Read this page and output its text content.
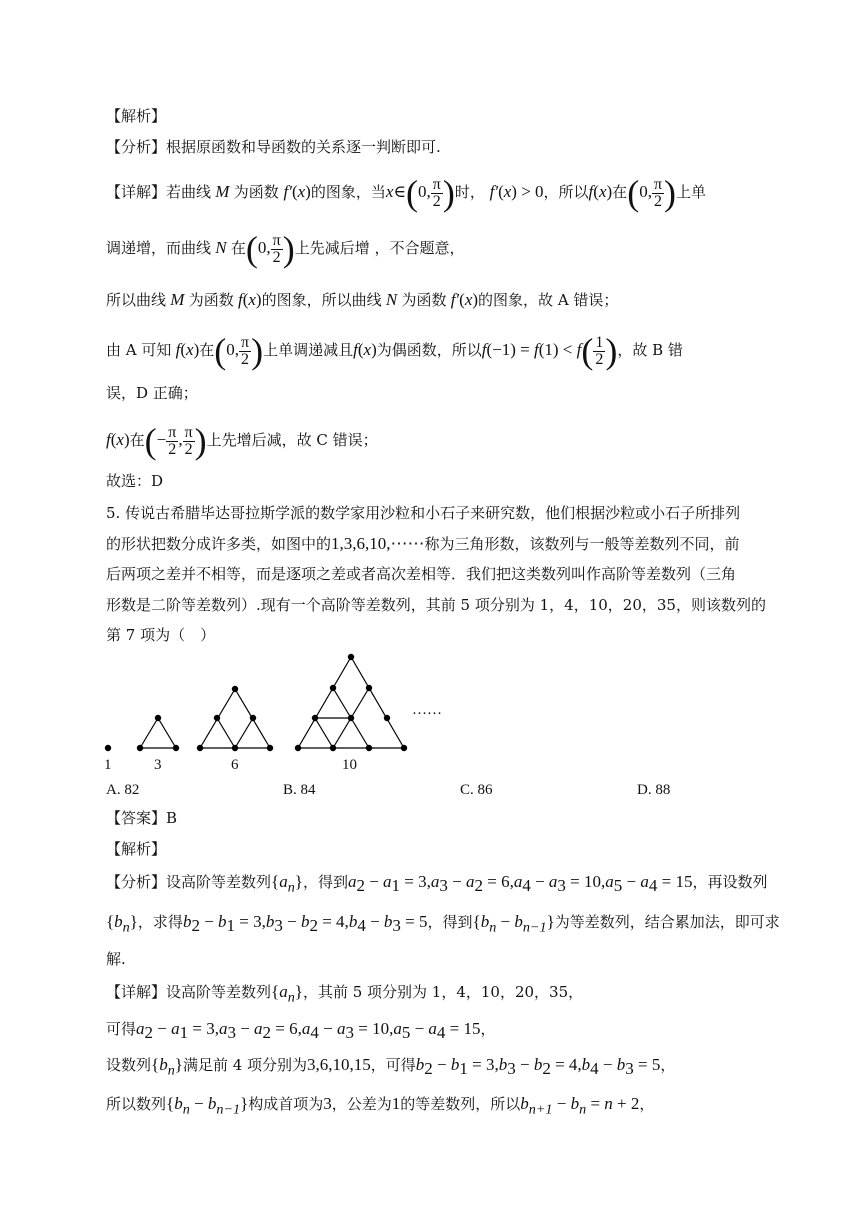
【解析】
【分析】根据原函数和导函数的关系逐一判断即可.
【详解】若曲线 M 为函数 f′(x)的图象，当x∈(0, $\frac{\pi}{2}$ )时， f′(x) > 0，所以f(x)在(0, $\frac{\pi}{2}$ )上单
调递增，而曲线 N 在(0, $\frac{\pi}{2}$ )上先减后增 ，不合题意，
所以曲线 M 为函数 f(x)的图象，所以曲线 N 为函数 f′(x)的图象，故 A 错误；
由 A 可知 f(x)在(0, $\frac{\pi}{2}$ )上单调递减且f(x)为偶函数，所以$f(-1) = f(1) < f( \frac{1}{2}$ )，故 B 错
误，D 正确；
f(x)在(− $\frac{\pi}{2}$ , $\frac{\pi}{2}$ )上先增后减，故 C 错误；
故选：D
5. 传说古希腊毕达哥拉斯学派的数学家用沙粒和小石子来研究数，他们根据沙粒或小石子所排列
的形状把数分成许多类，如图中的1,3,6,10,⋯⋯称为三角形数，该数列与一般等差数列不同，前
后两项之差并不相等，而是逐项之差或者高次差相等．我们把这类数列叫作高阶等差数列（三角
形数是二阶等差数列）.现有一个高阶等差数列，其前 5 项分别为 1，4，10，20，35，则该数列的
第 7 项为（　）
……
1	3	6	10
A. 82	B. 84	C. 86	D. 88
【答案】B
【解析】
【分析】设高阶等差数列$\{a_n\}$，得到$a_2 - a_1 = 3,a_3 - a_2 = 6,a_4 - a_3 = 10,a_5 - a_4 = 15$，再设数列
$\{b_n\}$，求得$b_2 - b_1 = 3,b_3 - b_2 = 4,b_4 - b_3 = 5$，得到$\{b_n - b_{n-1}\}$为等差数列，结合累加法，即可求
解.
【详解】设高阶等差数列$\{a_n\}$，其前 5 项分别为 1，4，10，20，35，
可得$a_2 - a_1 = 3,a_3 - a_2 = 6,a_4 - a_3 = 10,a_5 - a_4 = 15$，
设数列$\{b_n\}$满足前 4 项分别为3,6,10,15，可得$b_2 - b_1 = 3,b_3 - b_2 = 4,b_4 - b_3 = 5$，
所以数列$\{b_n - b_{n-1}\}$构成首项为3，公差为1的等差数列，所以$b_{n+1} - b_n = n + 2$，
